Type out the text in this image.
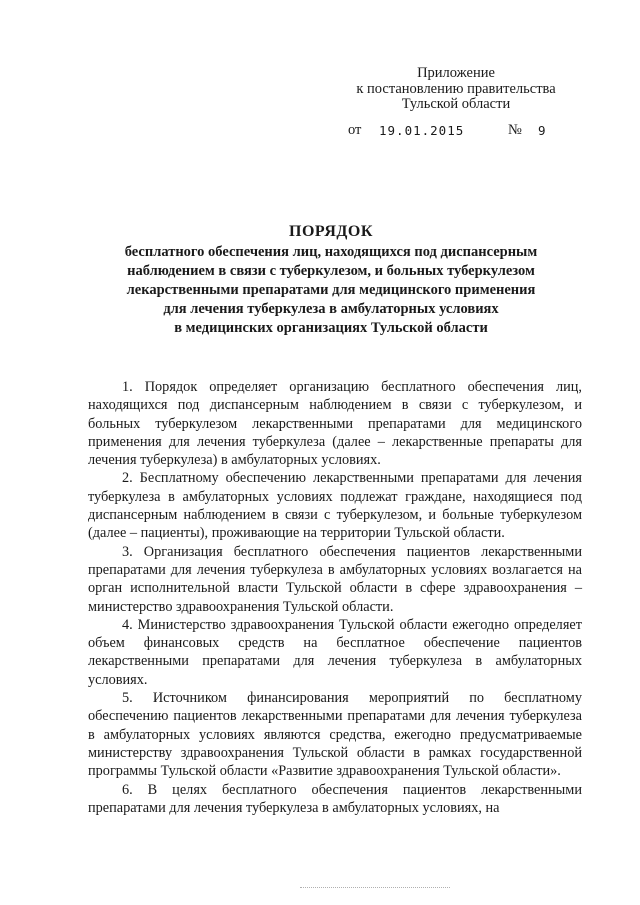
Приложение
к постановлению правительства
Тульской области
от 19.01.2015	№ 9
ПОРЯДОК
бесплатного обеспечения лиц, находящихся под диспансерным
наблюдением в связи с туберкулезом, и больных туберкулезом
лекарственными препаратами для медицинского применения
для лечения туберкулеза в амбулаторных условиях
в медицинских организациях Тульской области

1. Порядок определяет организацию бесплатного обеспечения лиц, находящихся под диспансерным наблюдением в связи с туберкулезом, и больных туберкулезом лекарственными препаратами для медицинского применения для лечения туберкулеза (далее – лекарственные препараты для лечения туберкулеза) в амбулаторных условиях.

2. Бесплатному обеспечению лекарственными препаратами для лечения туберкулеза в амбулаторных условиях подлежат граждане, находящиеся под диспансерным наблюдением в связи с туберкулезом, и больные туберкулезом (далее – пациенты), проживающие на территории Тульской области.

3. Организация бесплатного обеспечения пациентов лекарственными препаратами для лечения туберкулеза в амбулаторных условиях возлагается на орган исполнительной власти Тульской области в сфере здравоохранения – министерство здравоохранения Тульской области.

4. Министерство здравоохранения Тульской области ежегодно определяет объем финансовых средств на бесплатное обеспечение пациентов лекарственными препаратами для лечения туберкулеза в амбулаторных условиях.

5. Источником финансирования мероприятий по бесплатному обеспечению пациентов лекарственными препаратами для лечения туберкулеза в амбулаторных условиях являются средства, ежегодно предусматриваемые министерству здравоохранения Тульской области в рамках государственной программы Тульской области «Развитие здравоохранения Тульской области».

6. В целях бесплатного обеспечения пациентов лекарственными препаратами для лечения туберкулеза в амбулаторных условиях, на
